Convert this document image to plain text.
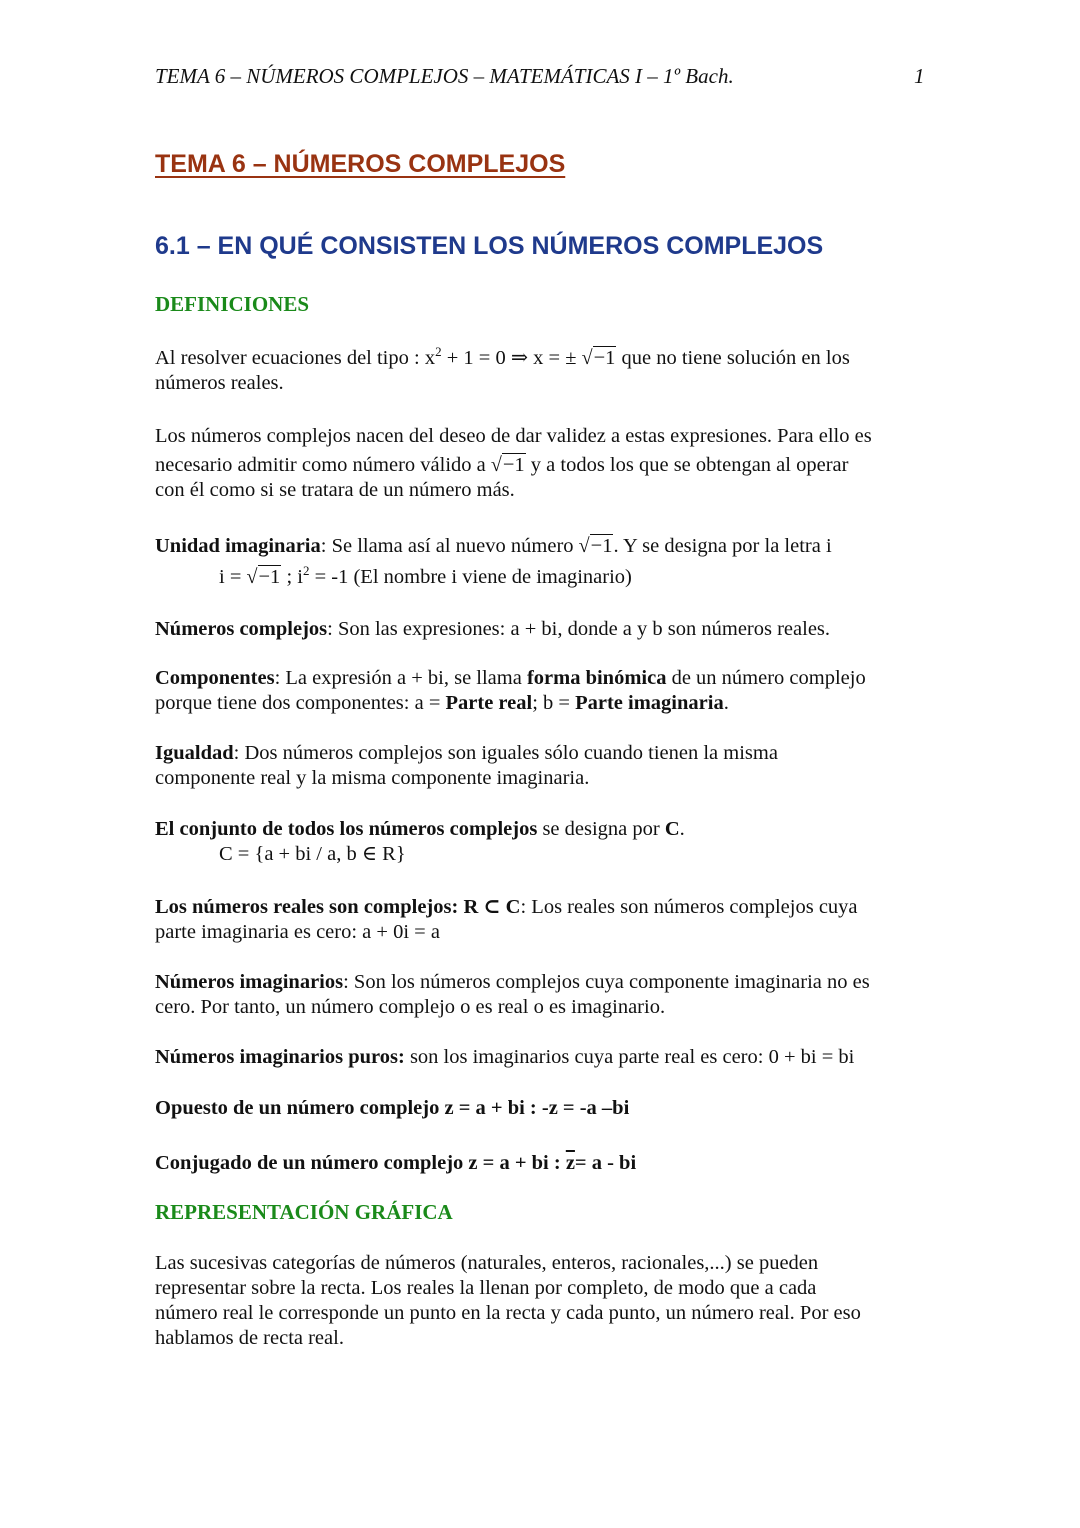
TEMA 6 – NÚMEROS COMPLEJOS – MATEMÁTICAS I – 1º Bach.	1
TEMA 6 – NÚMEROS COMPLEJOS
6.1 – EN QUÉ CONSISTEN LOS NÚMEROS COMPLEJOS
DEFINICIONES
Al resolver ecuaciones del tipo : $x^2 + 1 = 0$ ⇒ x = ± √−1 que no tiene solución en los
números reales.
Los números complejos nacen del deseo de dar validez a estas expresiones. Para ello es
necesario admitir como número válido a √−1 y a todos los que se obtengan al operar
con él como si se tratara de un número más.
Unidad imaginaria: Se llama así al nuevo número √−1. Y se designa por la letra i
i = √−1 ; $i^2 = -1$ (El nombre i viene de imaginario)
Números complejos: Son las expresiones: a + bi, donde a y b son números reales.
Componentes: La expresión a + bi, se llama forma binómica de un número complejo
porque tiene dos componentes: a = Parte real; b = Parte imaginaria.
Igualdad: Dos números complejos son iguales sólo cuando tienen la misma
componente real y la misma componente imaginaria.
El conjunto de todos los números complejos se designa por C.
C = {a + bi / a, b ∈ R}
Los números reales son complejos: R ⊂ C: Los reales son números complejos cuya
parte imaginaria es cero: a + 0i = a
Números imaginarios: Son los números complejos cuya componente imaginaria no es
cero. Por tanto, un número complejo o es real o es imaginario.
Números imaginarios puros: son los imaginarios cuya parte real es cero: 0 + bi = bi
Opuesto de un número complejo z = a + bi : -z = -a –bi
Conjugado de un número complejo z = a + bi : $\overline{z}= a$ - bi
REPRESENTACIÓN GRÁFICA
Las sucesivas categorías de números (naturales, enteros, racionales,...) se pueden
representar sobre la recta. Los reales la llenan por completo, de modo que a cada
número real le corresponde un punto en la recta y cada punto, un número real. Por eso
hablamos de recta real.
